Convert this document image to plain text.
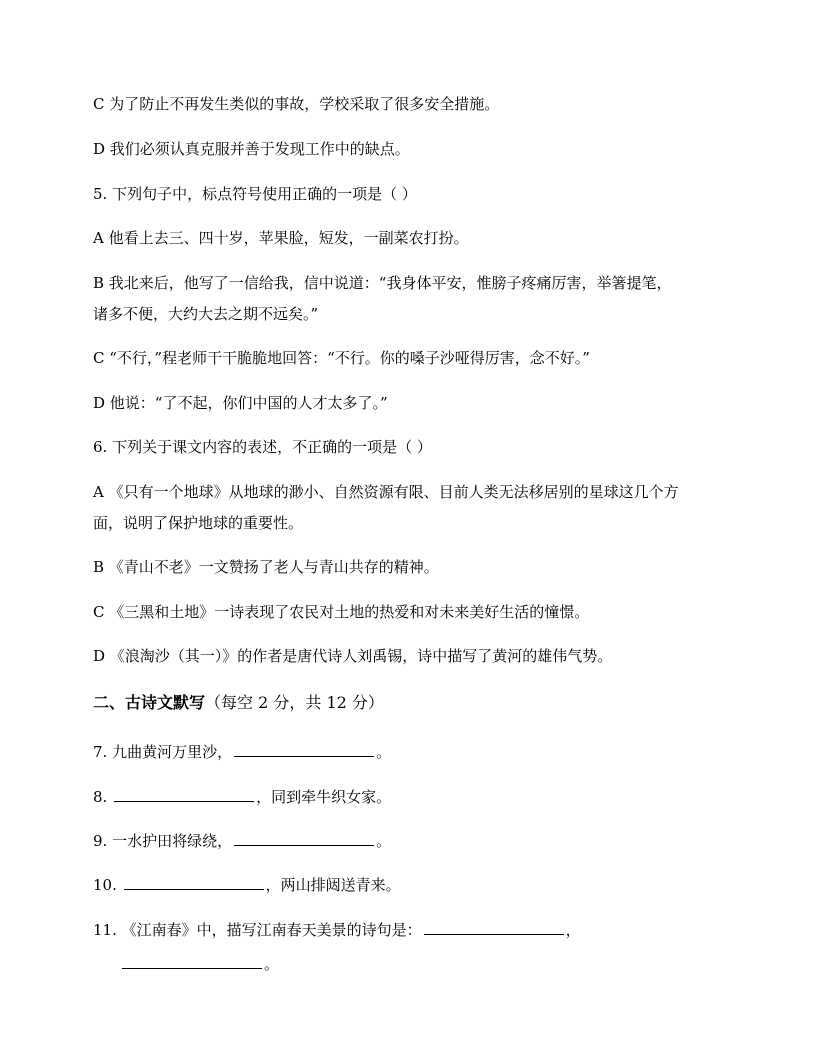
C 为了防止不再发生类似的事故，学校采取了很多安全措施。
D 我们必须认真克服并善于发现工作中的缺点。
5. 下列句子中，标点符号使用正确的一项是（ ）
A 他看上去三、四十岁，苹果脸，短发，一副菜农打扮。
B 我北来后，他写了一信给我，信中说道：“我身体平安，惟膀子疼痛厉害，举箸提笔，
诸多不便，大约大去之期不远矣。”
C “不行，”程老师干干脆脆地回答：“不行。你的嗓子沙哑得厉害，念不好。”
D 他说：“了不起，你们中国的人才太多了。”
6. 下列关于课文内容的表述，不正确的一项是（ ）
A 《只有一个地球》从地球的渺小、自然资源有限、目前人类无法移居别的星球这几个方
面，说明了保护地球的重要性。
B 《青山不老》一文赞扬了老人与青山共存的精神。
C 《三黑和土地》一诗表现了农民对土地的热爱和对未来美好生活的憧憬。
D 《浪淘沙（其一）》的作者是唐代诗人刘禹锡，诗中描写了黄河的雄伟气势。
二、古诗文默写（每空 2 分，共 12 分）
7. 九曲黄河万里沙，	。
8.	，同到牵牛织女家。
9. 一水护田将绿绕，	。
10.	，两山排闼送青来。
11. 《江南春》中，描写江南春天美景的诗句是：	，
。
